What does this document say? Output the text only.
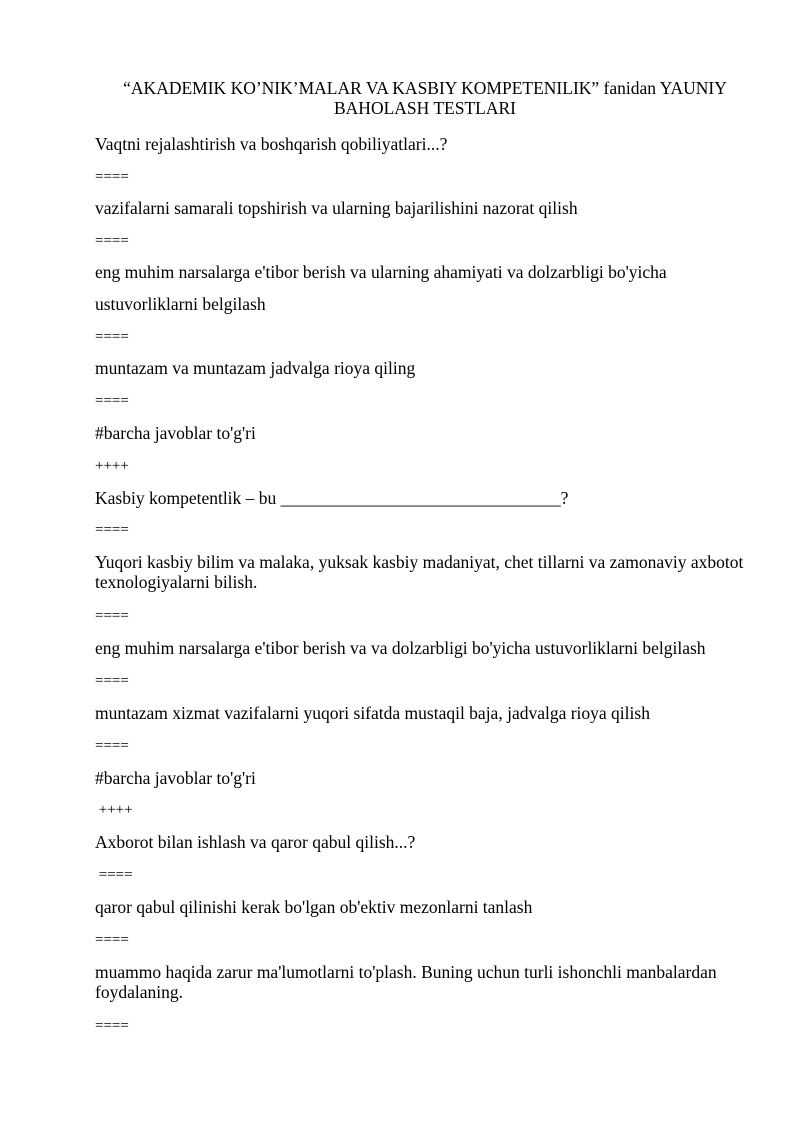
“AKADEMIK KO’NIK’MALAR VA KASBIY KOMPETENILIK” fanidan YAUNIY BAHOLASH TESTLARI
Vaqtni rejalashtirish va boshqarish qobiliyatlari...?
====
vazifalarni samarali topshirish va ularning bajarilishini nazorat qilish
====
eng muhim narsalarga e'tibor berish va ularning ahamiyati va dolzarbligi bo'yicha
ustuvorliklarni belgilash
====
muntazam va muntazam jadvalga rioya qiling
====
#barcha javoblar to'g'ri
++++
Kasbiy kompetentlik – bu ________________________________?
====
Yuqori kasbiy bilim va malaka, yuksak kasbiy madaniyat, chet tillarni va zamonaviy axbotot texnologiyalarni bilish.
====
eng muhim narsalarga e'tibor berish va va dolzarbligi bo'yicha ustuvorliklarni belgilash
====
muntazam xizmat vazifalarni yuqori sifatda mustaqil baja, jadvalga rioya qilish
====
#barcha javoblar to'g'ri
++++
Axborot bilan ishlash va qaror qabul qilish...?
====
qaror qabul qilinishi kerak bo'lgan ob'ektiv mezonlarni tanlash
====
muammo haqida zarur ma'lumotlarni to'plash. Buning uchun turli ishonchli manbalardan foydalaning.
====
